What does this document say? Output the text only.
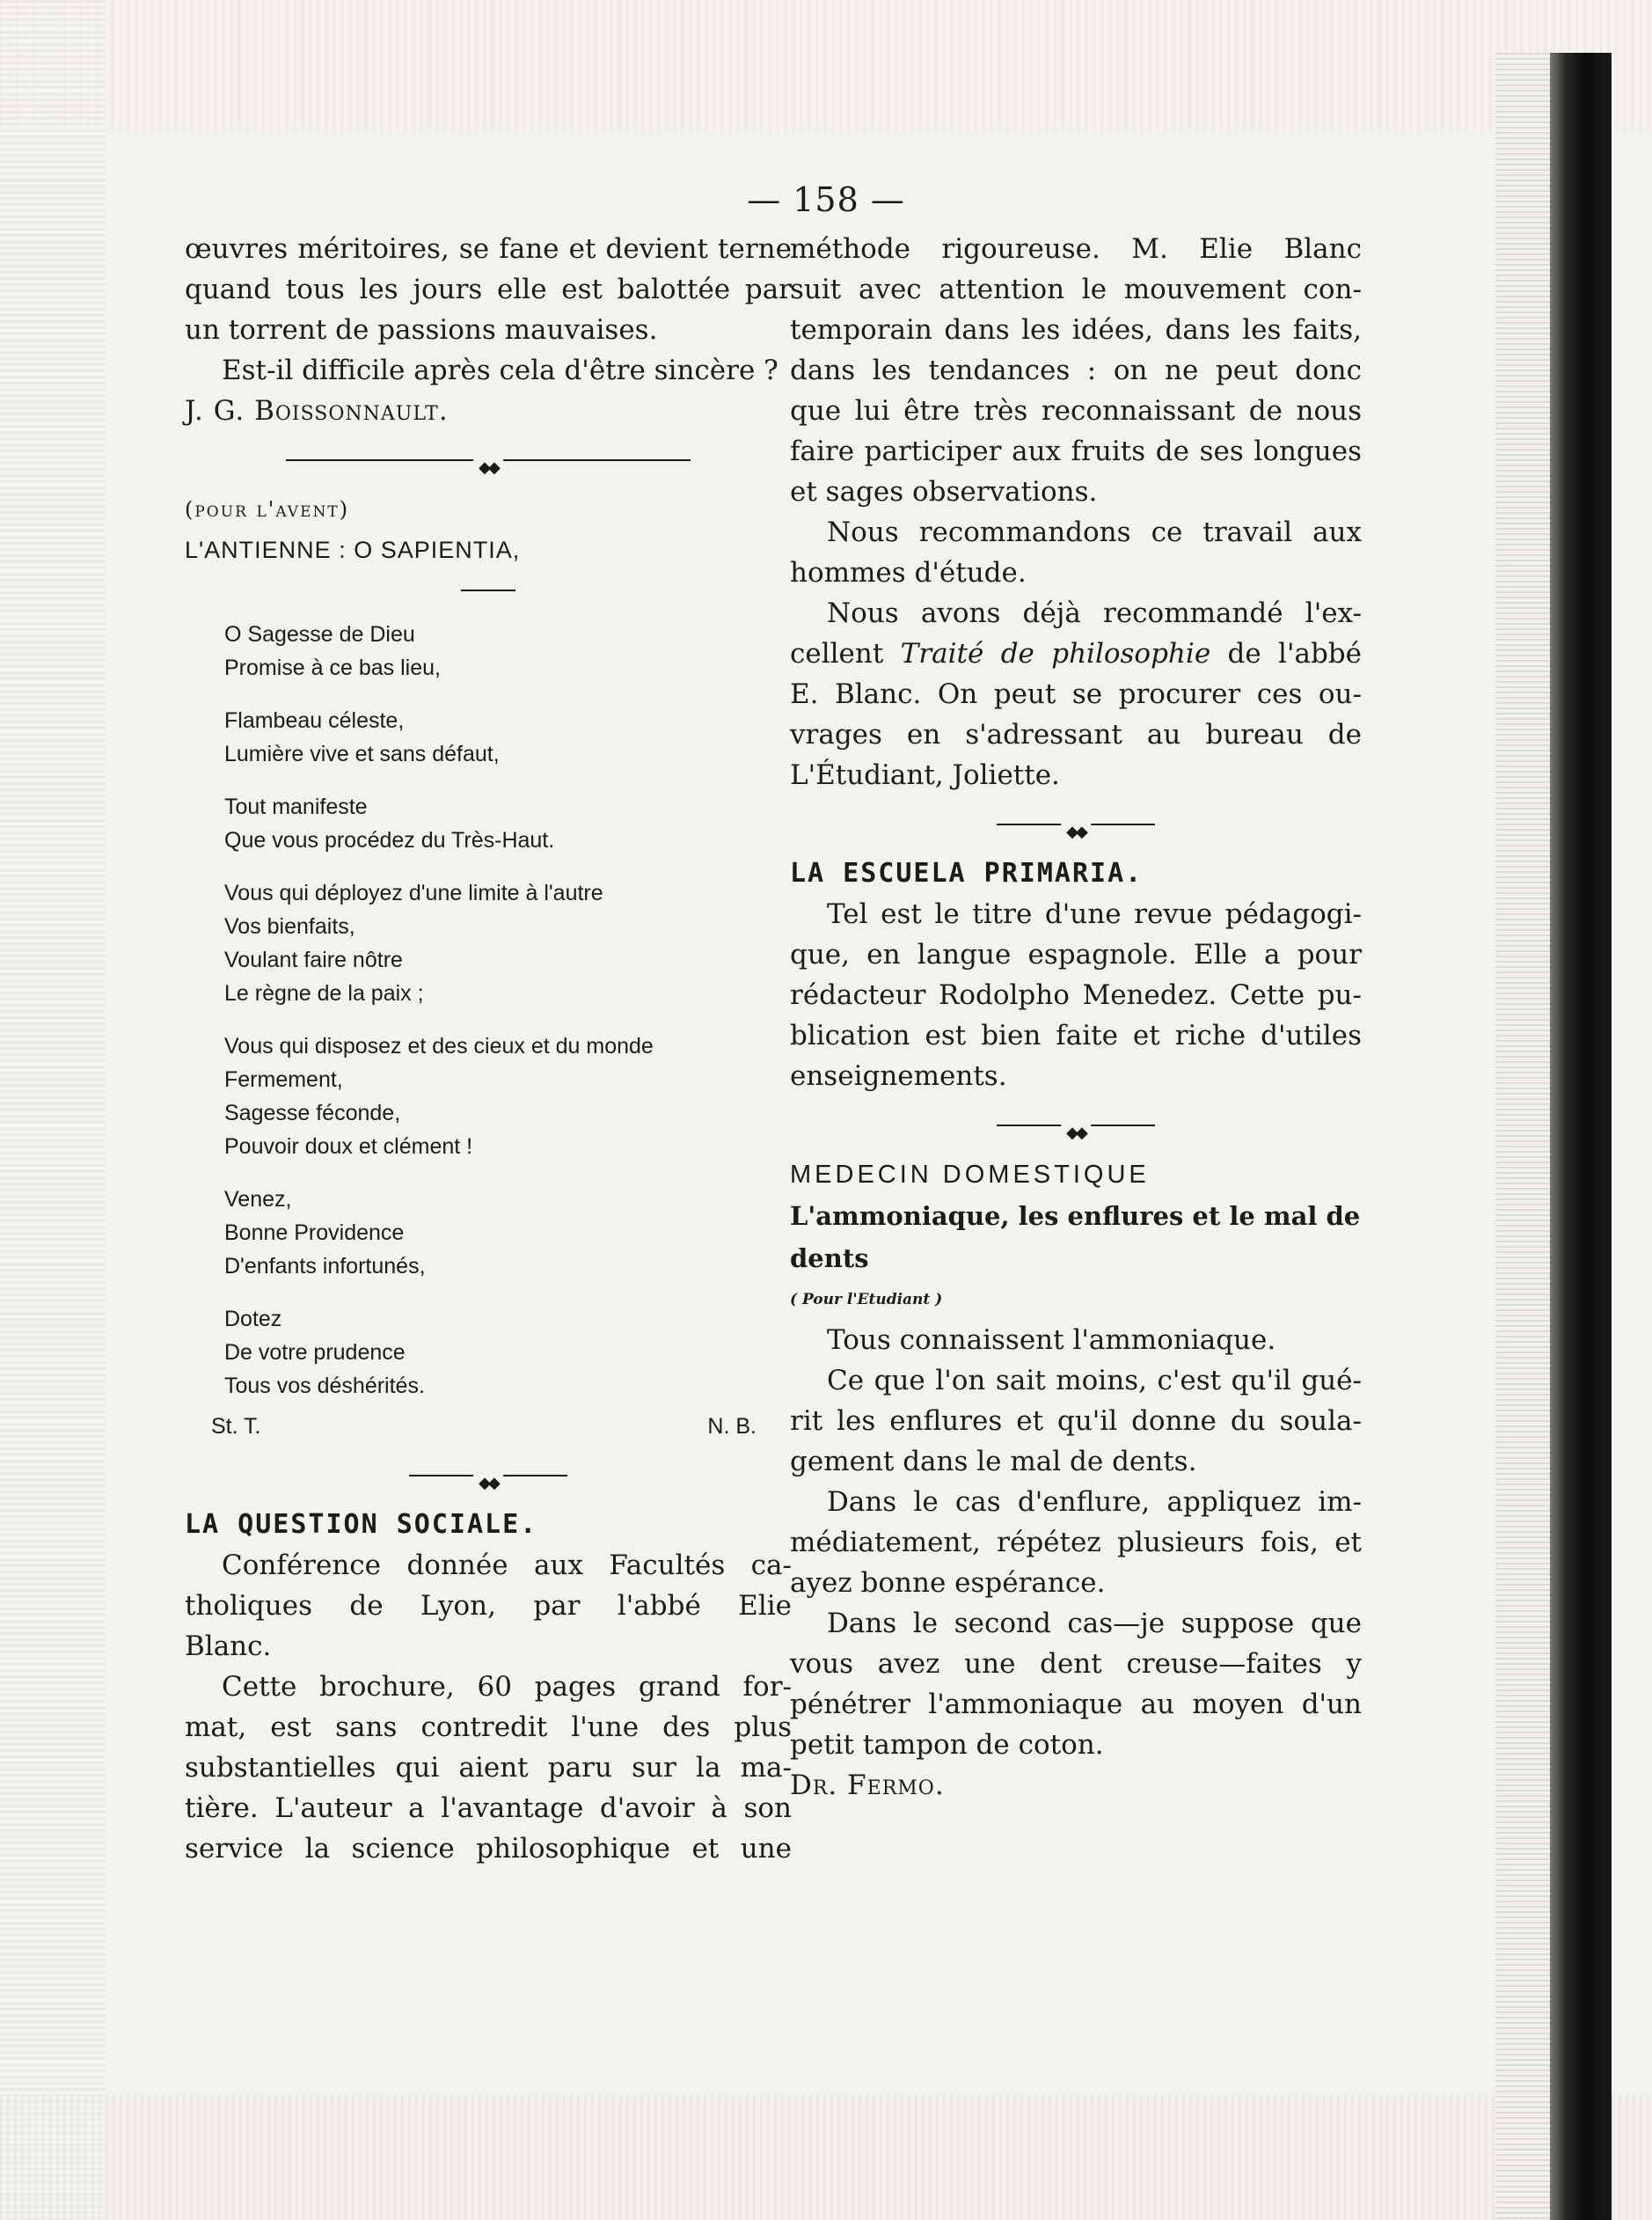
— 158 —

œuvres méritoires, se fane et devient terne
quand tous les jours elle est balottée par
un torrent de passions mauvaises.

Est-il difficile après cela d'être sincère ?

J. G. Boissonnault.

◆◆

(pour l'avent)

L'ANTIENNE : O SAPIENTIA,

O Sagesse de Dieu
Promise à ce bas lieu,
Flambeau céleste,
Lumière vive et sans défaut,
Tout manifeste
Que vous procédez du Très-Haut.
Vous qui déployez d'une limite à l'autre
Vos bienfaits,
Voulant faire nôtre
Le règne de la paix ;
Vous qui disposez et des cieux et du monde
Fermement,
Sagesse féconde,
Pouvoir doux et clément !
Venez,
Bonne Providence
D'enfants infortunés,
Dotez
De votre prudence
Tous vos déshérités.
St. T.	N. B.
◆◆

LA QUESTION SOCIALE.

Conférence donnée aux Facultés ca-
tholiques de Lyon, par l'abbé Elie
Blanc.

Cette brochure, 60 pages grand for-
mat, est sans contredit l'une des plus
substantielles qui aient paru sur la ma-
tière. L'auteur a l'avantage d'avoir à son
service la science philosophique et une

méthode rigoureuse. M. Elie Blanc
suit avec attention le mouvement con-
temporain dans les idées, dans les faits,
dans les tendances : on ne peut donc
que lui être très reconnaissant de nous
faire participer aux fruits de ses longues
et sages observations.

Nous recommandons ce travail aux
hommes d'étude.

Nous avons déjà recommandé l'ex-
cellent Traité de philosophie de l'abbé
E. Blanc. On peut se procurer ces ou-
vrages en s'adressant au bureau de
L'Étudiant, Joliette.

◆◆

LA ESCUELA PRIMARIA.

Tel est le titre d'une revue pédagogi-
que, en langue espagnole. Elle a pour
rédacteur Rodolpho Menedez. Cette pu-
blication est bien faite et riche d'utiles
enseignements.

◆◆

MEDECIN DOMESTIQUE

L'ammoniaque, les enflures et le mal de

dents

( Pour l'Etudiant )

Tous connaissent l'ammoniaque.

Ce que l'on sait moins, c'est qu'il gué-
rit les enflures et qu'il donne du soula-
gement dans le mal de dents.

Dans le cas d'enflure, appliquez im-
médiatement, répétez plusieurs fois, et
ayez bonne espérance.

Dans le second cas—je suppose que
vous avez une dent creuse—faites y
pénétrer l'ammoniaque au moyen d'un
petit tampon de coton.

Dr. Fermo.
